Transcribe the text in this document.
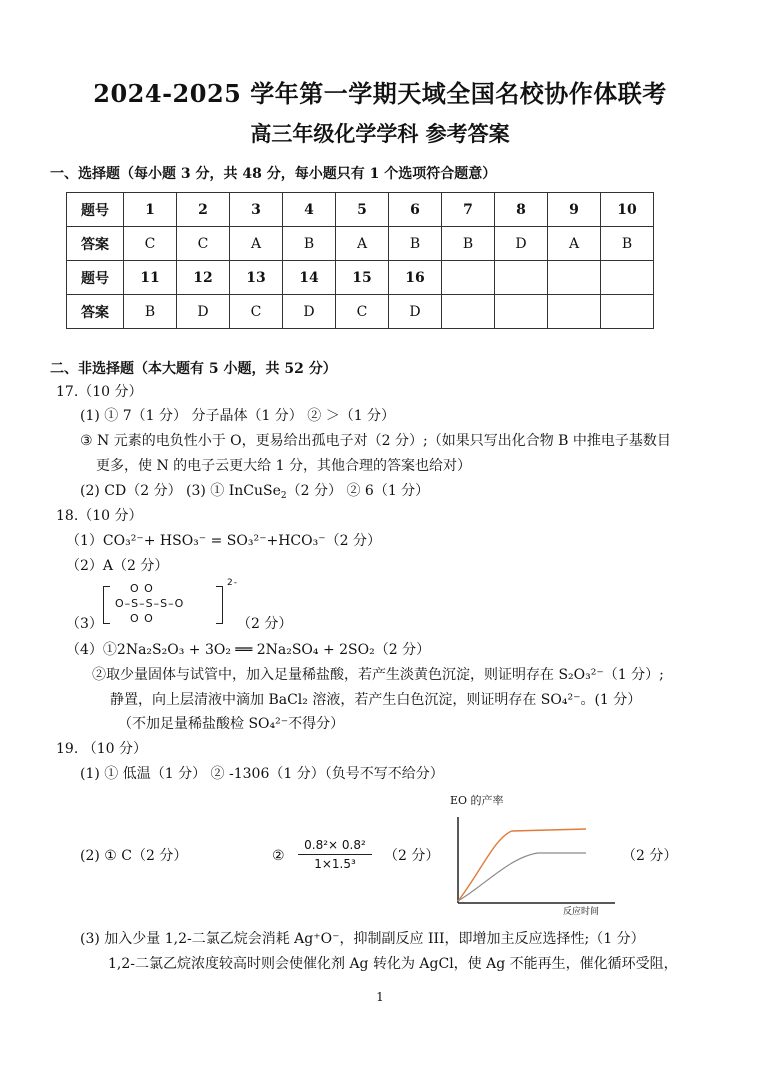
2024-2025 学年第一学期天域全国名校协作体联考
高三年级化学学科 参考答案
一、选择题（每小题 3 分，共 48 分，每小题只有 1 个选项符合题意）
题号	1	2	3	4	5	6	7	8	9	10
答案	C	C	A	B	A	B	B	D	A	B
题号	11	12	13	14	15	16				
答案	B	D	C	D	C	D				
二、非选择题（本大题有 5 小题，共 52 分）
17.（10 分）
(1) ① 7（1 分） 分子晶体（1 分） ② ＞（1 分）
③ N 元素的电负性小于 O，更易给出孤电子对（2 分）;（如果只写出化合物 B 中推电子基数目
更多，使 N 的电子云更大给 1 分，其他合理的答案也给对）
(2) CD（2 分） (3) ① InCuSe$_2$（2 分） ② 6（1 分）
18.（10 分）
（1）CO₃²⁻+ HSO₃⁻ = SO₃²⁻+HCO₃⁻（2 分）
（2）A（2 分）
（3）
O O
O–S–S–S–O
O O
2-
（2 分）
（4）①2Na₂S₂O₃ + 3O₂ ══ 2Na₂SO₄ + 2SO₂（2 分）
②取少量固体与试管中，加入足量稀盐酸，若产生淡黄色沉淀，则证明存在 S₂O₃²⁻（1 分）;
静置，向上层清液中滴加 BaCl₂ 溶液，若产生白色沉淀，则证明存在 SO₄²⁻。(1 分）
（不加足量稀盐酸检 SO₄²⁻不得分）
19. （10 分）
(1) ① 低温（1 分） ② -1306（1 分）（负号不写不给分）
(2) ① C（2 分）	② $\frac{\text{0.8²× 0.8²}}{\text{1×1.5³}} (2$ 分）
EO 的产率
反应时间
（2 分）
(3) 加入少量 1,2-二氯乙烷会消耗 Ag⁺O⁻，抑制副反应 III，即增加主反应选择性;（1 分）
1,2-二氯乙烷浓度较高时则会使催化剂 Ag 转化为 AgCl，使 Ag 不能再生，催化循环受阻，
1
